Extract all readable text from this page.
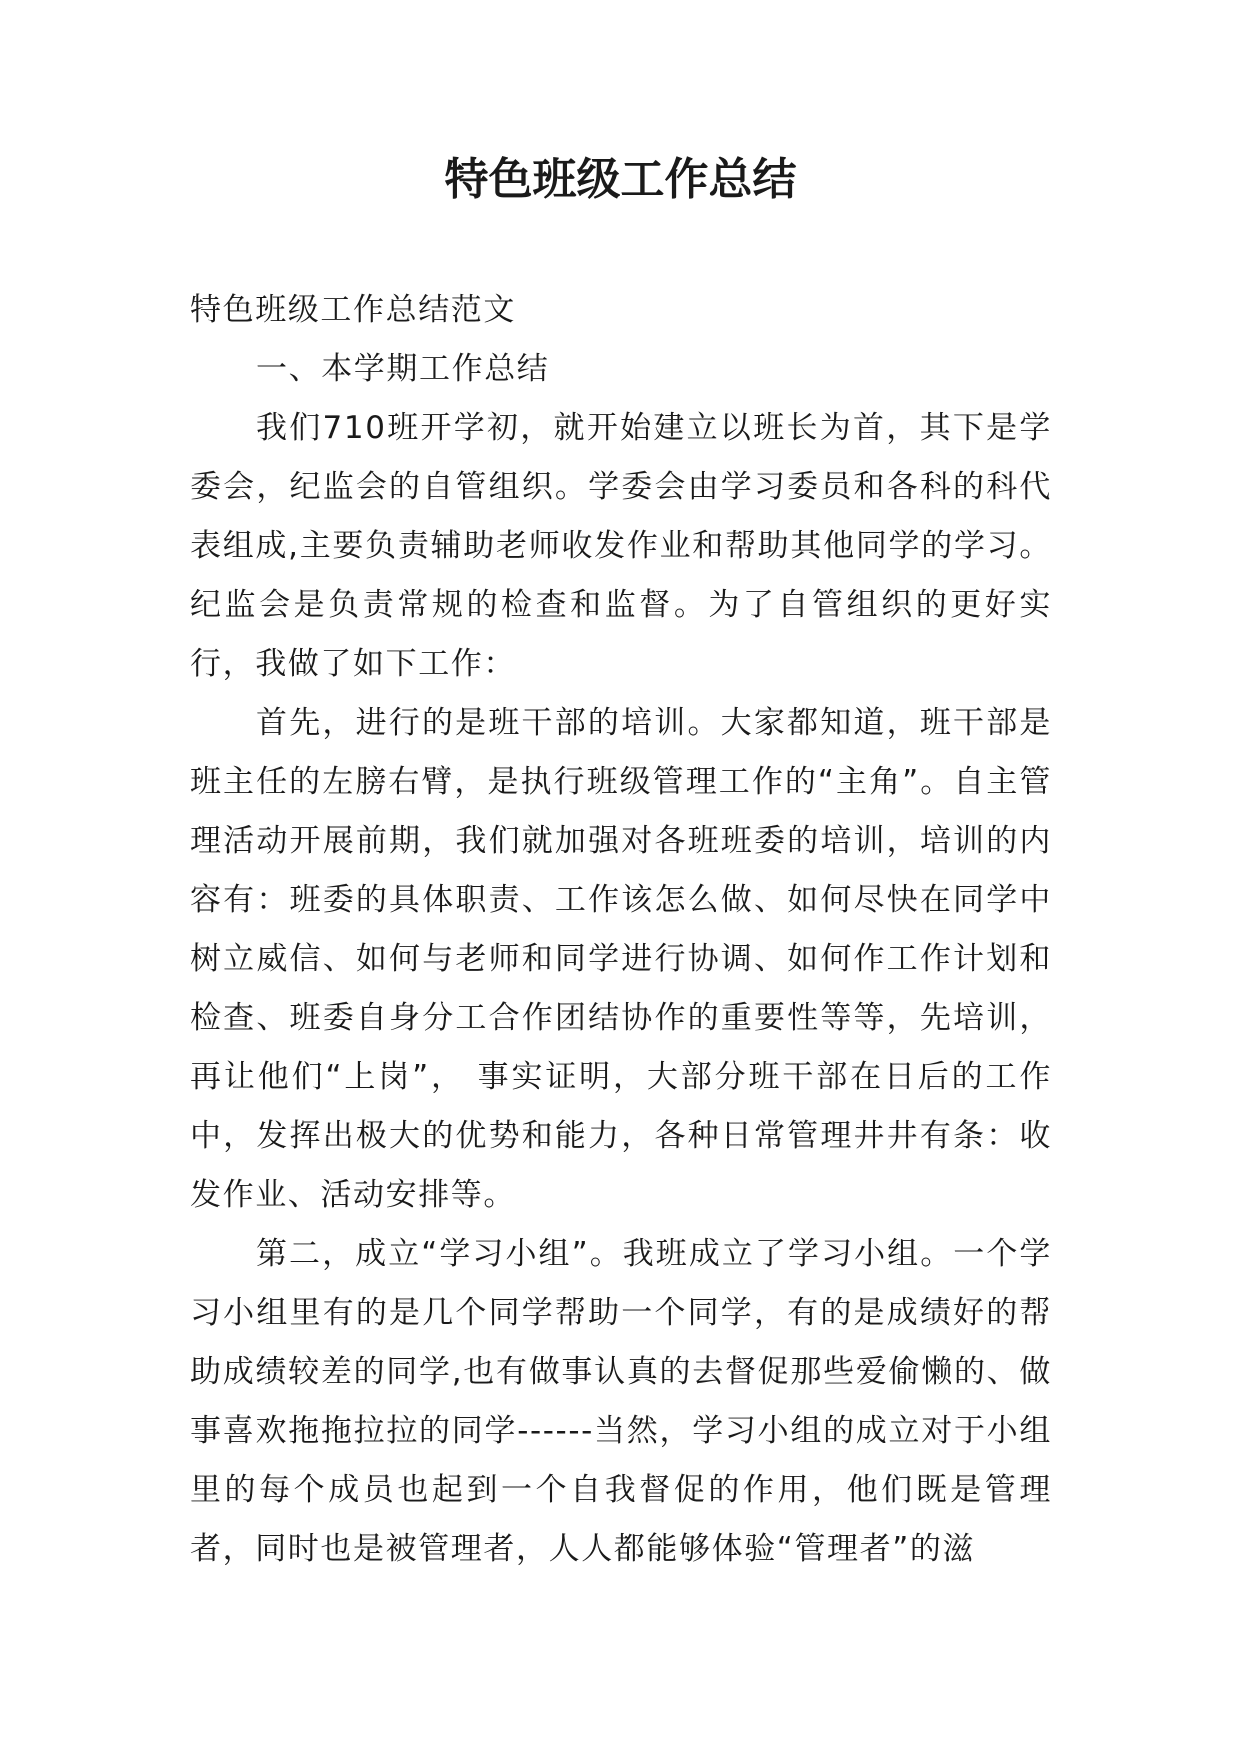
特色班级工作总结

特色班级工作总结范文

一、本学期工作总结

我们710班开学初，就开始建立以班长为首，其下是学委会，纪监会的自管组织。学委会由学习委员和各科的科代表组成,主要负责辅助老师收发作业和帮助其他同学的学习。纪监会是负责常规的检查和监督。为了自管组织的更好实行，我做了如下工作：

首先，进行的是班干部的培训。大家都知道，班干部是班主任的左膀右臂，是执行班级管理工作的“主角”。自主管理活动开展前期，我们就加强对各班班委的培训，培训的内容有：班委的具体职责、工作该怎么做、如何尽快在同学中树立威信、如何与老师和同学进行协调、如何作工作计划和检查、班委自身分工合作团结协作的重要性等等，先培训，再让他们“上岗”， 事实证明，大部分班干部在日后的工作中，发挥出极大的优势和能力，各种日常管理井井有条：收发作业、活动安排等。

第二，成立“学习小组”。我班成立了学习小组。一个学习小组里有的是几个同学帮助一个同学，有的是成绩好的帮助成绩较差的同学,也有做事认真的去督促那些爱偷懒的、做事喜欢拖拖拉拉的同学------当然，学习小组的成立对于小组里的每个成员也起到一个自我督促的作用，他们既是管理者，同时也是被管理者，人人都能够体验“管理者”的滋
